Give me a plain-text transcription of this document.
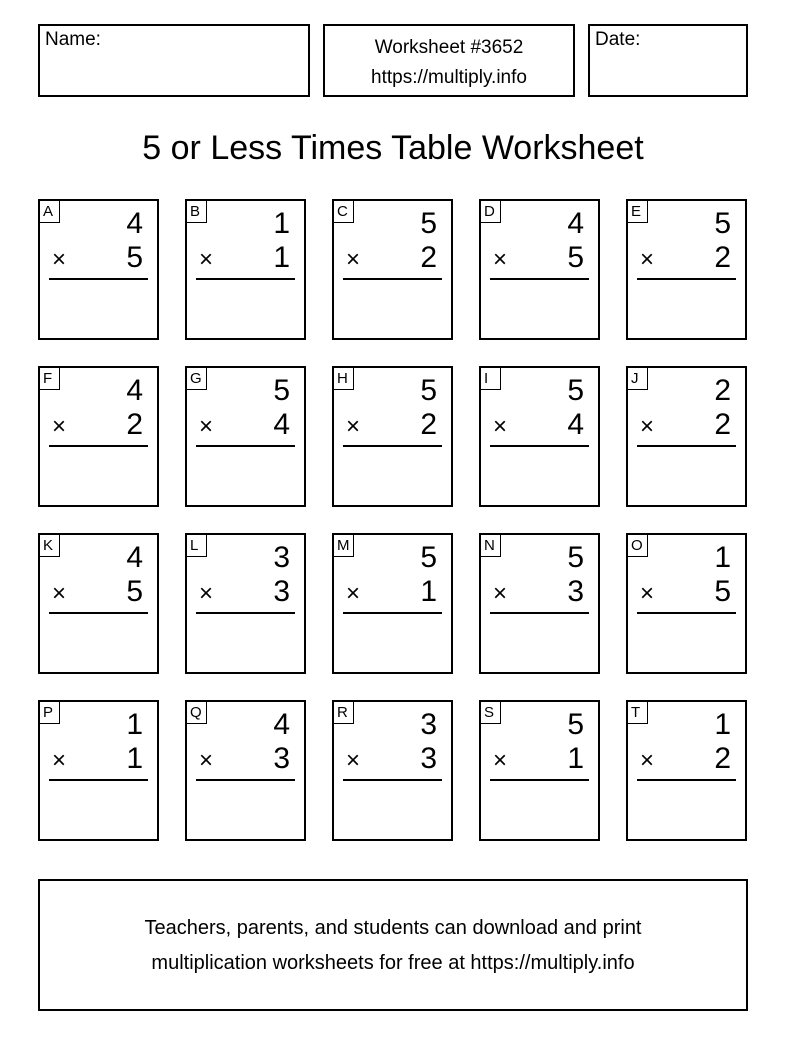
Name:	Worksheet #3652
https://multiply.info
Date:
5 or Less Times Table Worksheet
A 4
× 5
B 1
× 1
C 5
× 2
D 4
× 5
E 5
× 2
F 4
× 2
G 5
× 4
H 5
× 2
I	5
× 4
J	2
× 2
K 4
× 5
L 3
× 3
M 5
× 1
N 5
× 3
O 1
× 5
P 1
× 1
Q 4
× 3
R 3
× 3
S 5
× 1
T 1
× 2
Teachers, parents, and students can download and print
multiplication worksheets for free at https://multiply.info
